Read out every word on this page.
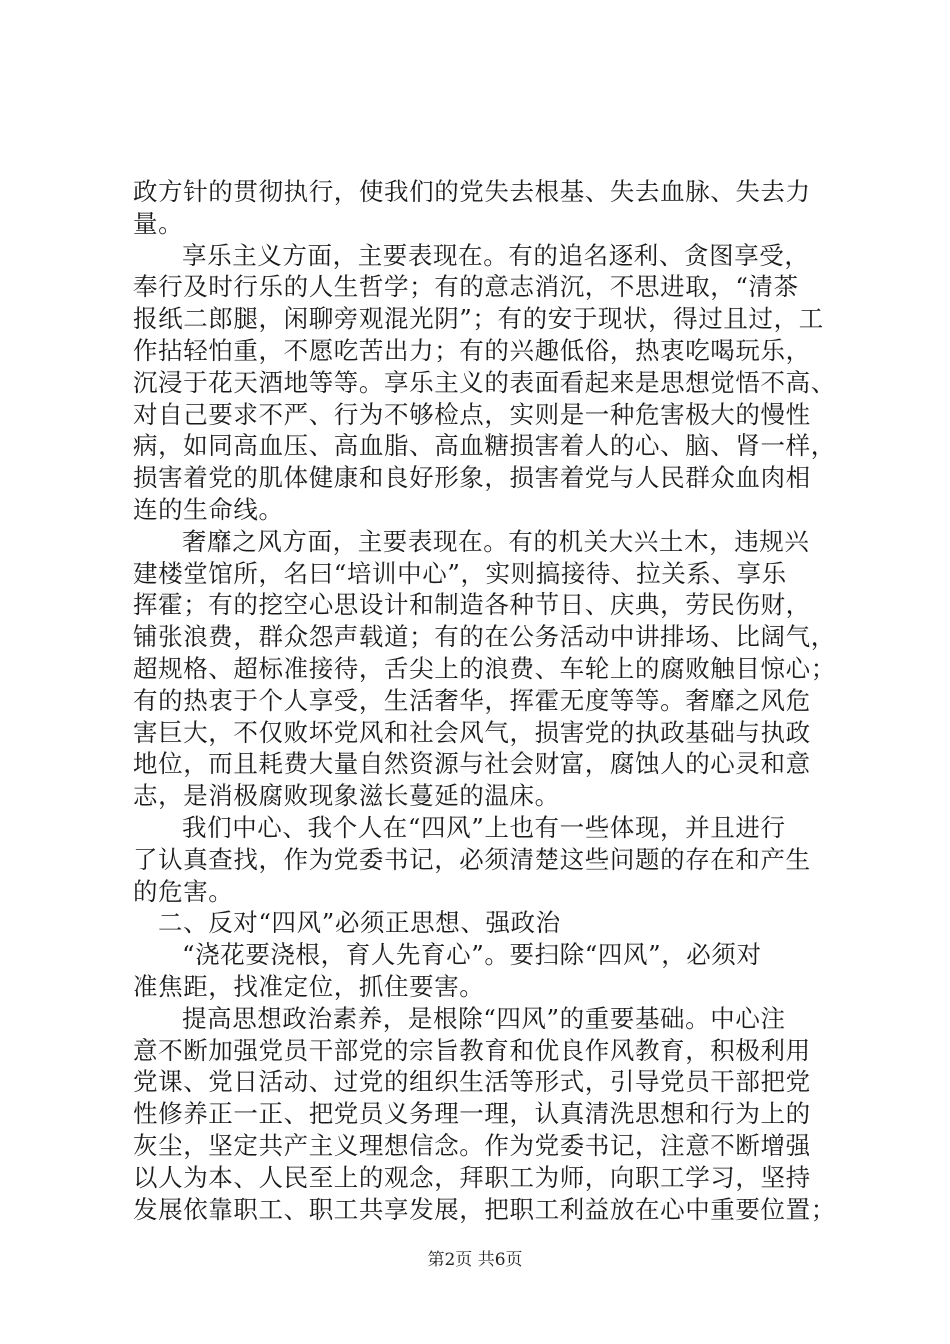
政方针的贯彻执行，使我们的党失去根基、失去血脉、失去力
量。
享乐主义方面，主要表现在。有的追名逐利、贪图享受，
奉行及时行乐的人生哲学；有的意志消沉，不思进取，“清茶
报纸二郎腿，闲聊旁观混光阴”；有的安于现状，得过且过，工
作拈轻怕重，不愿吃苦出力；有的兴趣低俗，热衷吃喝玩乐，
沉浸于花天酒地等等。享乐主义的表面看起来是思想觉悟不高、
对自己要求不严、行为不够检点，实则是一种危害极大的慢性
病，如同高血压、高血脂、高血糖损害着人的心、脑、肾一样，
损害着党的肌体健康和良好形象，损害着党与人民群众血肉相
连的生命线。
奢靡之风方面，主要表现在。有的机关大兴土木，违规兴
建楼堂馆所，名曰“培训中心”，实则搞接待、拉关系、享乐
挥霍；有的挖空心思设计和制造各种节日、庆典，劳民伤财，
铺张浪费，群众怨声载道；有的在公务活动中讲排场、比阔气，
超规格、超标准接待，舌尖上的浪费、车轮上的腐败触目惊心；
有的热衷于个人享受，生活奢华，挥霍无度等等。奢靡之风危
害巨大，不仅败坏党风和社会风气，损害党的执政基础与执政
地位，而且耗费大量自然资源与社会财富，腐蚀人的心灵和意
志，是消极腐败现象滋长蔓延的温床。
我们中心、我个人在“四风”上也有一些体现，并且进行
了认真查找，作为党委书记，必须清楚这些问题的存在和产生
的危害。
二、反对“四风”必须正思想、强政治
“浇花要浇根，育人先育心”。要扫除“四风”，必须对
准焦距，找准定位，抓住要害。
提高思想政治素养，是根除“四风”的重要基础。中心注
意不断加强党员干部党的宗旨教育和优良作风教育，积极利用
党课、党日活动、过党的组织生活等形式，引导党员干部把党
性修养正一正、把党员义务理一理，认真清洗思想和行为上的
灰尘，坚定共产主义理想信念。作为党委书记，注意不断增强
以人为本、人民至上的观念，拜职工为师，向职工学习，坚持
发展依靠职工、职工共享发展，把职工利益放在心中重要位置；
第2页 共6页
